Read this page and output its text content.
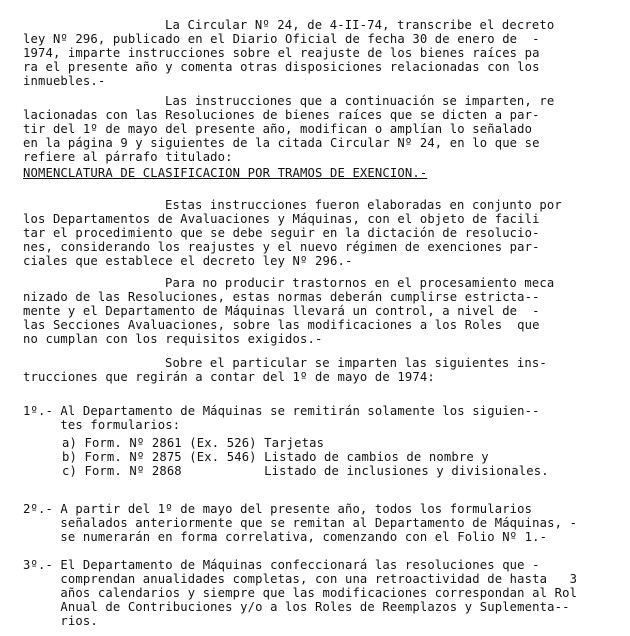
La Circular Nº 24, de 4-II-74, transcribe el decreto
ley Nº 296, publicado en el Diario Oficial de fecha 30 de enero de  -
1974, imparte instrucciones sobre el reajuste de los bienes raíces pa
ra el presente año y comenta otras disposiciones relacionadas con los
inmuebles.-
Las instrucciones que a continuación se imparten, re
lacionadas con las Resoluciones de bienes raíces que se dicten a par-
tir del 1º de mayo del presente año, modifican o amplían lo señalado
en la página 9 y siguientes de la citada Circular Nº 24, en lo que se
refiere al párrafo titulado:
NOMENCLATURA DE CLASIFICACION POR TRAMOS DE EXENCION.-
Estas instrucciones fueron elaboradas en conjunto por
los Departamentos de Avaluaciones y Máquinas, con el objeto de facili
tar el procedimiento que se debe seguir en la dictación de resolucio-
nes, considerando los reajustes y el nuevo régimen de exenciones par-
ciales que establece el decreto ley Nº 296.-
Para no producir trastornos en el procesamiento meca
nizado de las Resoluciones, estas normas deberán cumplirse estricta--
mente y el Departamento de Máquinas llevará un control, a nivel de  -
las Secciones Avaluaciones, sobre las modificaciones a los Roles  que
no cumplan con los requisitos exigidos.-
Sobre el particular se imparten las siguientes ins-
trucciones que regirán a contar del 1º de mayo de 1974:
1º.- Al Departamento de Máquinas se remitirán solamente los siguien--
tes formularios:
a) Form. Nº 2861 (Ex. 526) Tarjetas
b) Form. Nº 2875 (Ex. 546) Listado de cambios de nombre y
c) Form. Nº 2868           Listado de inclusiones y divisionales.
2º.- A partir del 1º de mayo del presente año, todos los formularios
señalados anteriormente que se remitan al Departamento de Máquinas, -
se numerarán en forma correlativa, comenzando con el Folio Nº 1.-
3º.- El Departamento de Máquinas confeccionará las resoluciones que -
comprendan anualidades completas, con una retroactividad de hasta   3
años calendarios y siempre que las modificaciones correspondan al Rol
Anual de Contribuciones y/o a los Roles de Reemplazos y Suplementa--
rios.
